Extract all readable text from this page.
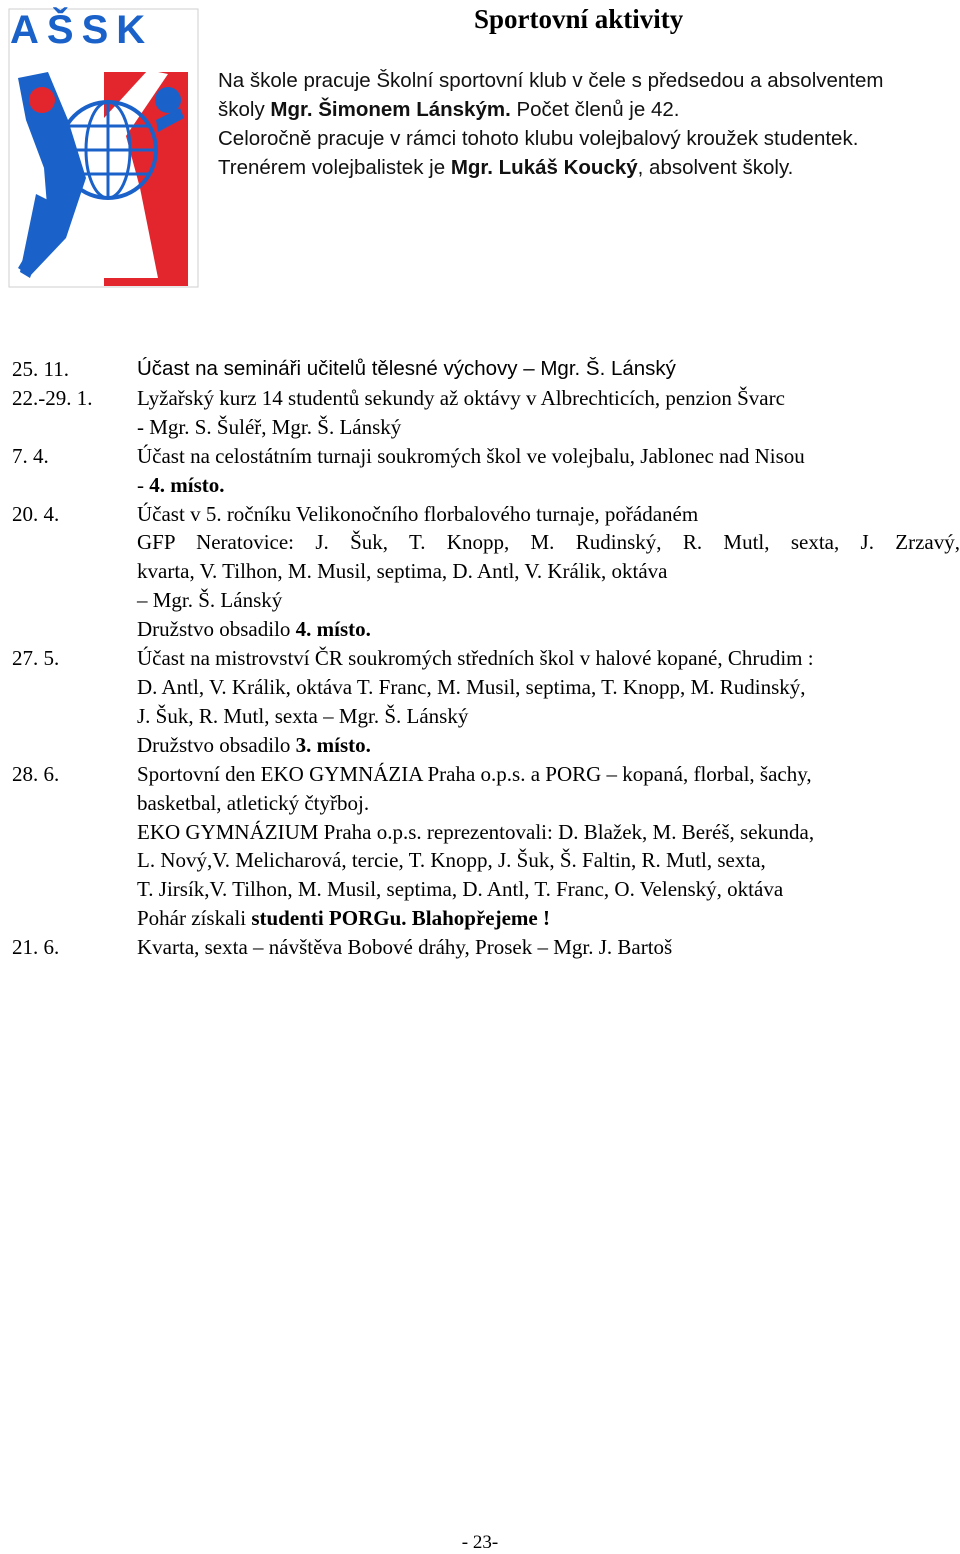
AŠSK	Sportovní aktivity
Na škole pracuje Školní sportovní klub v čele s předsedou a absolventem
školy Mgr. Šimonem Lánským. Počet členů je 42.
Celoročně pracuje v rámci tohoto klubu volejbalový kroužek studentek.
Trenérem volejbalistek je Mgr. Lukáš Koucký, absolvent školy.
25. 11.	Účast na semináři učitelů tělesné výchovy – Mgr. Š. Lánský
22.-29. 1. Lyžařský kurz 14 studentů sekundy až oktávy v Albrechticích, penzion Švarc
- Mgr. S. Šuléř, Mgr. Š. Lánský
7. 4.	Účast na celostátním turnaji soukromých škol ve volejbalu, Jablonec nad Nisou
- 4. místo.
20. 4.	Účast v 5. ročníku Velikonočního florbalového turnaje, pořádaném
GFP Neratovice: J. Šuk, T. Knopp, M. Rudinský, R. Mutl, sexta, J. Zrzavý,
kvarta, V. Tilhon, M. Musil, septima, D. Antl, V. Králik, oktáva
– Mgr. Š. Lánský
Družstvo obsadilo 4. místo.
27. 5.	Účast na mistrovství ČR soukromých středních škol v halové kopané, Chrudim :
D. Antl, V. Králik, oktáva T. Franc, M. Musil, septima, T. Knopp, M. Rudinský,
J. Šuk, R. Mutl, sexta – Mgr. Š. Lánský
Družstvo obsadilo 3. místo.
28. 6.	Sportovní den EKO GYMNÁZIA Praha o.p.s. a PORG – kopaná, florbal, šachy,
basketbal, atletický čtyřboj.
EKO GYMNÁZIUM Praha o.p.s. reprezentovali: D. Blažek, M. Beréš, sekunda,
L. Nový,V. Melicharová, tercie, T. Knopp, J. Šuk, Š. Faltin, R. Mutl, sexta,
T. Jirsík,V. Tilhon, M. Musil, septima, D. Antl, T. Franc, O. Velenský, oktáva
Pohár získali studenti PORGu. Blahopřejeme !
21. 6.	Kvarta, sexta – návštěva Bobové dráhy, Prosek – Mgr. J. Bartoš
- 23-
